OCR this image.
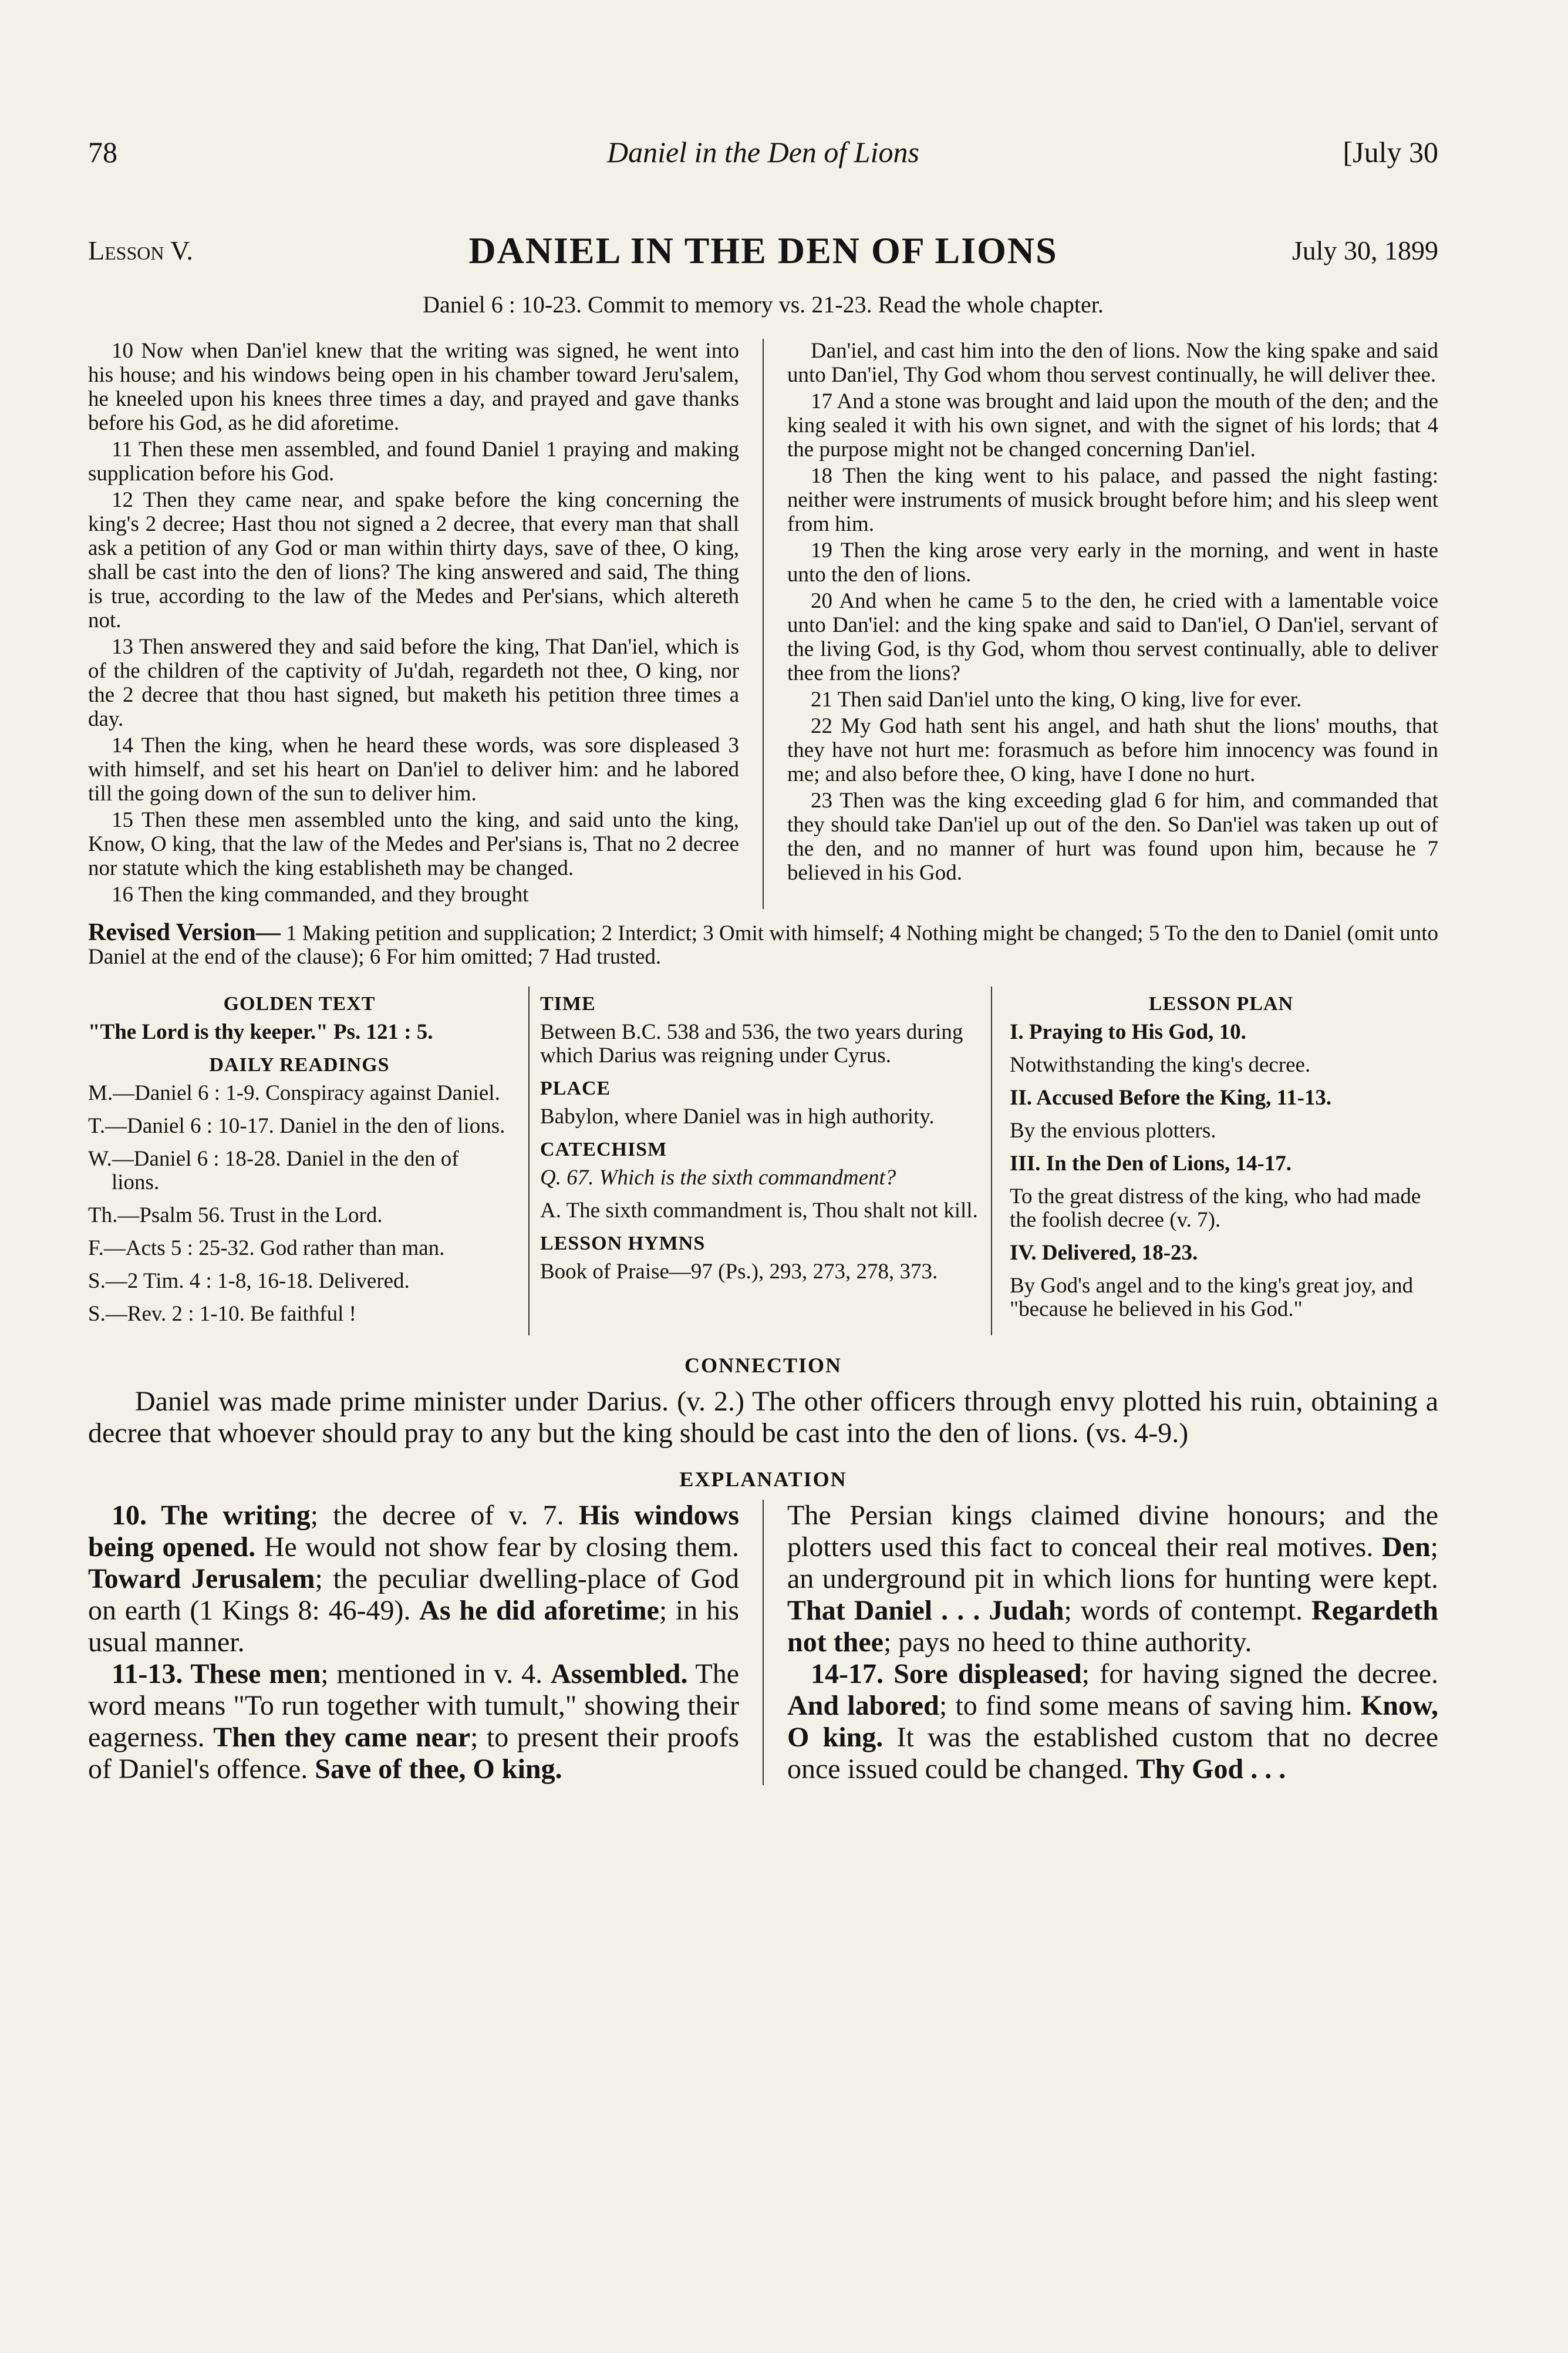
78	Daniel in the Den of Lions	[July 30
Lesson V.	DANIEL IN THE DEN OF LIONS	July 30, 1899
Daniel 6 : 10-23. Commit to memory vs. 21-23. Read the whole chapter.

10 Now when Dan'iel knew that the writing was signed, he went into his house; and his windows being open in his chamber toward Jeru'salem, he kneeled upon his knees three times a day, and prayed and gave thanks before his God, as he did aforetime.

11 Then these men assembled, and found Daniel 1 praying and making supplication before his God.

12 Then they came near, and spake before the king concerning the king's 2 decree; Hast thou not signed a 2 decree, that every man that shall ask a petition of any God or man within thirty days, save of thee, O king, shall be cast into the den of lions? The king answered and said, The thing is true, according to the law of the Medes and Per'sians, which altereth not.

13 Then answered they and said before the king, That Dan'iel, which is of the children of the captivity of Ju'dah, regardeth not thee, O king, nor the 2 decree that thou hast signed, but maketh his petition three times a day.

14 Then the king, when he heard these words, was sore displeased 3 with himself, and set his heart on Dan'iel to deliver him: and he labored till the going down of the sun to deliver him.

15 Then these men assembled unto the king, and said unto the king, Know, O king, that the law of the Medes and Per'sians is, That no 2 decree nor statute which the king establisheth may be changed.

16 Then the king commanded, and they brought

Dan'iel, and cast him into the den of lions. Now the king spake and said unto Dan'iel, Thy God whom thou servest continually, he will deliver thee.

17 And a stone was brought and laid upon the mouth of the den; and the king sealed it with his own signet, and with the signet of his lords; that 4 the purpose might not be changed concerning Dan'iel.

18 Then the king went to his palace, and passed the night fasting: neither were instruments of musick brought before him; and his sleep went from him.

19 Then the king arose very early in the morning, and went in haste unto the den of lions.

20 And when he came 5 to the den, he cried with a lamentable voice unto Dan'iel: and the king spake and said to Dan'iel, O Dan'iel, servant of the living God, is thy God, whom thou servest continually, able to deliver thee from the lions?

21 Then said Dan'iel unto the king, O king, live for ever.

22 My God hath sent his angel, and hath shut the lions' mouths, that they have not hurt me: forasmuch as before him innocency was found in me; and also before thee, O king, have I done no hurt.

23 Then was the king exceeding glad 6 for him, and commanded that they should take Dan'iel up out of the den. So Dan'iel was taken up out of the den, and no manner of hurt was found upon him, because he 7 believed in his God.

Revised Version— 1 Making petition and supplication; 2 Interdict; 3 Omit with himself; 4 Nothing might be changed; 5 To the den to Daniel (omit unto Daniel at the end of the clause); 6 For him omitted; 7 Had trusted.
GOLDEN TEXT
"The Lord is thy keeper." Ps. 121 : 5.
DAILY READINGS
M.—Daniel 6 : 1-9. Conspiracy against Daniel.
T.—Daniel 6 : 10-17. Daniel in the den of lions.
W.—Daniel 6 : 18-28. Daniel in the den of lions.
Th.—Psalm 56. Trust in the Lord.
F.—Acts 5 : 25-32. God rather than man.
S.—2 Tim. 4 : 1-8, 16-18. Delivered.
S.—Rev. 2 : 1-10. Be faithful !
TIME
Between B.C. 538 and 536, the two years during which Darius was reigning under Cyrus.
PLACE
Babylon, where Daniel was in high authority.
CATECHISM
Q. 67. Which is the sixth commandment?
A. The sixth commandment is, Thou shalt not kill.
LESSON HYMNS
Book of Praise—97 (Ps.), 293, 273, 278, 373.
LESSON PLAN
I. Praying to His God, 10.
Notwithstanding the king's decree.
II. Accused Before the King, 11-13.
By the envious plotters.
III. In the Den of Lions, 14-17.
To the great distress of the king, who had made the foolish decree (v. 7).
IV. Delivered, 18-23.
By God's angel and to the king's great joy, and "because he believed in his God."
CONNECTION

Daniel was made prime minister under Darius. (v. 2.) The other officers through envy plotted his ruin, obtaining a decree that whoever should pray to any but the king should be cast into the den of lions. (vs. 4-9.)

EXPLANATION

10. The writing; the decree of v. 7. His windows being opened. He would not show fear by closing them. Toward Jerusalem; the peculiar dwelling-place of God on earth (1 Kings 8: 46-49). As he did aforetime; in his usual manner.

11-13. These men; mentioned in v. 4. Assembled. The word means "To run together with tumult," showing their eagerness. Then they came near; to present their proofs of Daniel's offence. Save of thee, O king.

The Persian kings claimed divine honours; and the plotters used this fact to conceal their real motives. Den; an underground pit in which lions for hunting were kept. That Daniel . . . Judah; words of contempt. Regardeth not thee; pays no heed to thine authority.

14-17. Sore displeased; for having signed the decree. And labored; to find some means of saving him. Know, O king. It was the established custom that no decree once issued could be changed. Thy God . . .
